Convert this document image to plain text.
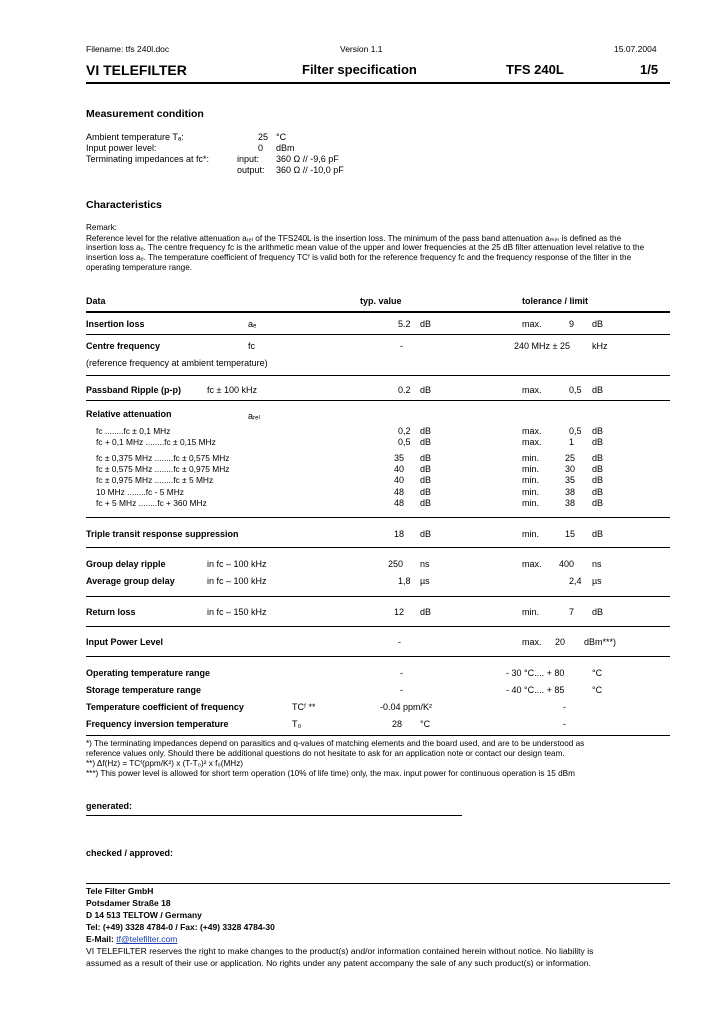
Filename: tfs 240l.doc	Version 1.1	15.07.2004
VI TELEFILTER	Filter specification	TFS 240L	1/5
Measurement condition
Ambient temperature Tₐ:	25 °C
Input power level:	0 dBm
Terminating impedances at fᴄ*:	input: 360 Ω // -9,6 pF
output: 360 Ω // -10,0 pF
Characteristics
Remark:
Reference level for the relative attenuation aᵣₑₗ of the TFS240L is the insertion loss. The minimum of the pass band attenuation aₘᵢₙ is defined as the
insertion loss aₑ. The centre frequency fᴄ is the arithmetic mean value of the upper and lower frequencies at the 25 dB filter attenuation level relative to the
insertion loss aₑ. The temperature coefficient of frequency TCᶠ is valid both for the reference frequency fᴄ and the frequency response of the filter in the
operating temperature range.
Data	typ. value	tolerance / limit
Insertion loss	aₑ	5.2 dB	max.	9 dB
Centre frequency	fᴄ	-	240 MHz ± 25 kHz
(reference frequency at ambient temperature)
Passband Ripple (p-p)	fᴄ ± 100 kHz	0.2 dB	max.	0,5 dB
Relative attenuation	aᵣₑₗ
fᴄ ........fᴄ ± 0,1 MHz	0,2 dB	max.	0,5 dB
fᴄ + 0,1 MHz ........fᴄ ± 0,15 MHz	0,5 dB	max.	1 dB
fᴄ ± 0,375 MHz ........fᴄ ± 0,575 MHz	35 dB	min.	25 dB
fᴄ ± 0,575 MHz ........fᴄ ± 0,975 MHz	40 dB	min.	30 dB
fᴄ ± 0,975 MHz ........fᴄ ± 5 MHz	40 dB	min.	35 dB
10 MHz ........fᴄ - 5 MHz	48 dB	min.	38 dB
fᴄ + 5 MHz ........fᴄ + 360 MHz	48 dB	min.	38 dB
Triple transit response suppression	18 dB	min.	15 dB
Group delay ripple	in fᴄ – 100 kHz	250 ns	max. 400 ns
Average group delay	in fᴄ – 100 kHz	1,8 µs	2,4 µs
Return loss	in fᴄ – 150 kHz	12 dB	min.	7 dB
Input Power Level	-	max. 20 dBm***)
Operating temperature range	-	- 30 °C.... + 80	°C
Storage temperature range	-	- 40 °C.... + 85	°C
Temperature coefficient of frequency	TCᶠ **	-0.04 ppm/K²	-
Frequency inversion temperature	T₀	28 °C	-
*) The terminating impedances depend on parasitics and q-values of matching elements and the board used, and are to be understood as
reference values only. Should there be additional questions do not hesitate to ask for an application note or contact our design team.
**) Δf(Hz) = TCᶠ(ppm/K²) x (T-T₀)² x f₀(MHz)
***) This power level is allowed for short term operation (10% of life time) only, the max. input power for continuous operation is 15 dBm
generated:
checked / approved:
Tele Filter GmbH
Potsdamer Straße 18
D 14 513 TELTOW / Germany
Tel: (+49) 3328 4784-0 / Fax: (+49) 3328 4784-30
E-Mail: tf@telefilter.com
VI TELEFILTER reserves the right to make changes to the product(s) and/or information contained herein without notice. No liability is
assumed as a result of their use or application. No rights under any patent accompany the sale of any such product(s) or information.
